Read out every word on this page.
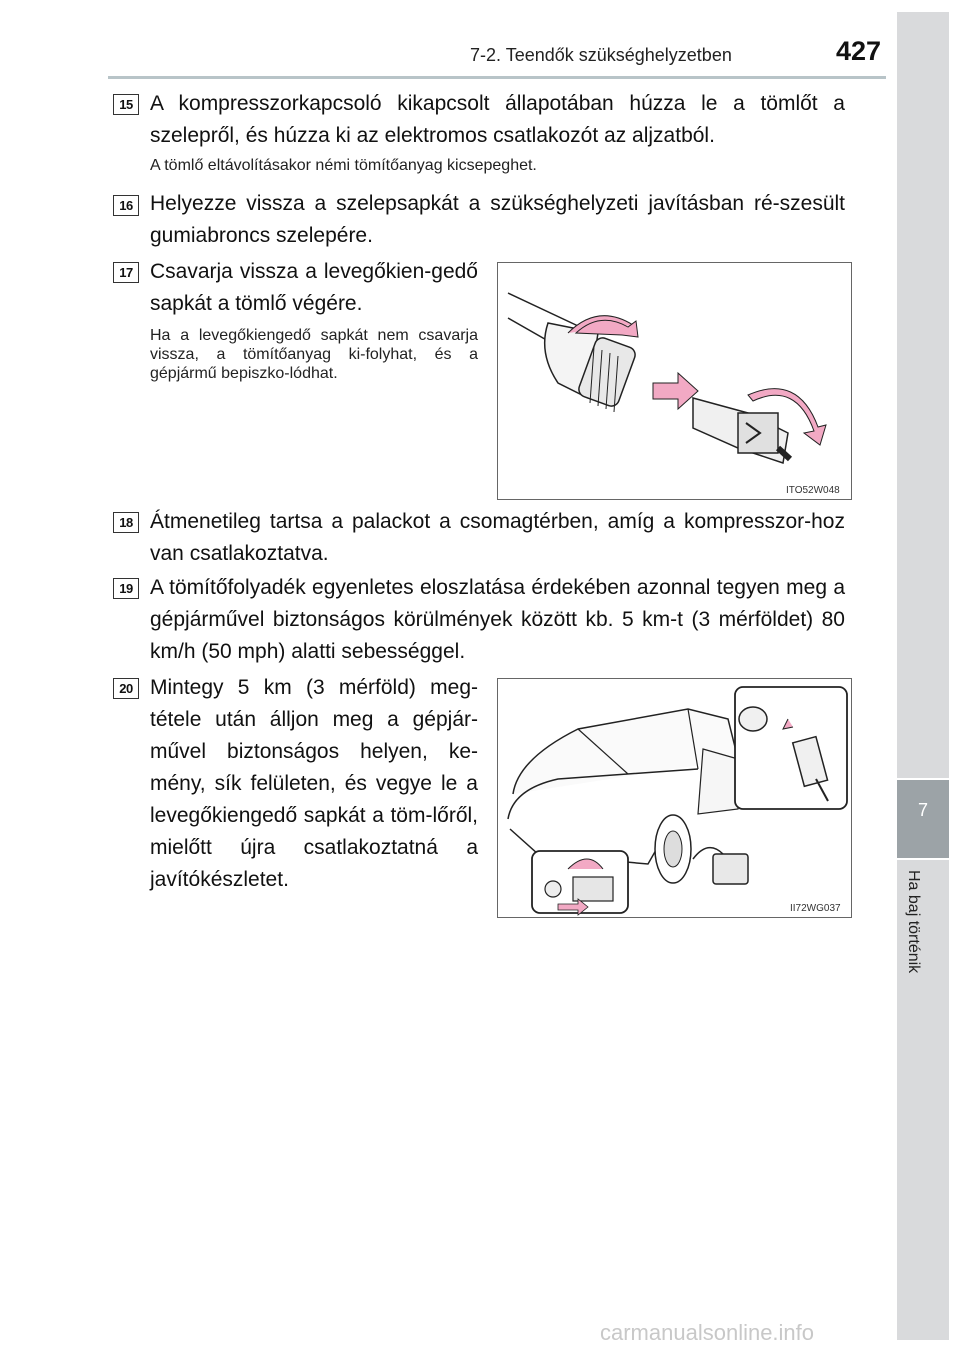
7-2. Teendők szükséghelyzetben	427
7
Ha baj történik
15 A kompresszorkapcsoló kikapcsolt állapotában húzza le a tömlőt a szelepről, és húzza ki az elektromos csatlakozót az aljzatból.
A tömlő eltávolításakor némi tömítőanyag kicsepeghet.
16 Helyezze vissza a szelepsapkát a szükséghelyzeti javításban ré-szesült gumiabroncs szelepére.
17 Csavarja vissza a levegőkien-gedő sapkát a tömlő végére.
Ha a levegőkiengedő sapkát nem csavarja vissza, a tömítőanyag ki-folyhat, és a gépjármű bepiszko-lódhat.
ITO52W048
18 Átmenetileg tartsa a palackot a csomagtérben, amíg a kompresszor-hoz van csatlakoztatva.
19 A tömítőfolyadék egyenletes eloszlatása érdekében azonnal tegyen meg a gépjárművel biztonságos körülmények között kb. 5 km-t (3 mérföldet) 80 km/h (50 mph) alatti sebességgel.
20 Mintegy 5 km (3 mérföld) meg-tétele után álljon meg a gépjár-művel biztonságos helyen, ke-mény, sík felületen, és vegye le a levegőkiengedő sapkát a töm-lőről, mielőtt újra csatlakoztatná a javítókészletet.
II72WG037
carmanualsonline.info
